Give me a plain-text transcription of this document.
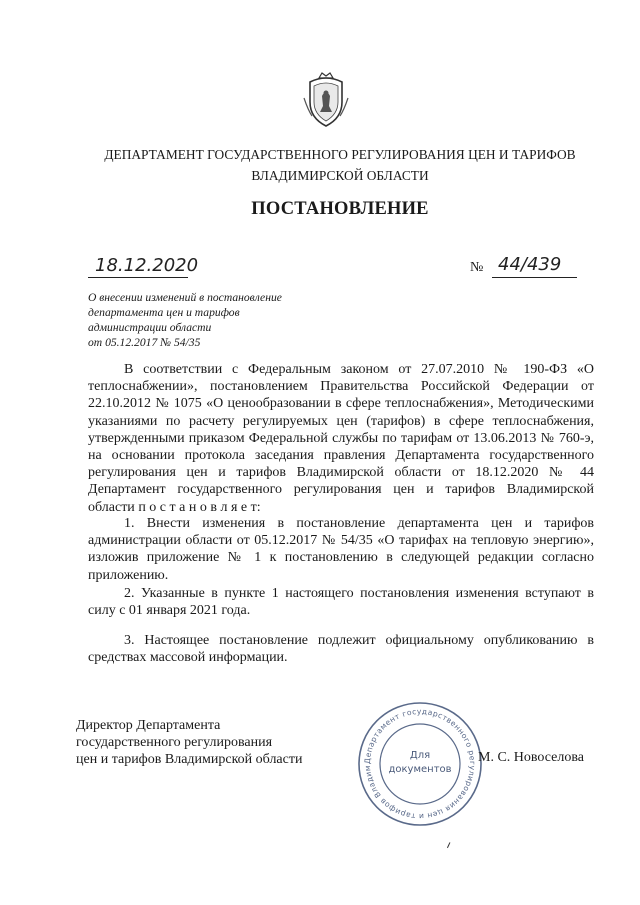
ДЕПАРТАМЕНТ ГОСУДАРСТВЕННОГО РЕГУЛИРОВАНИЯ ЦЕН И ТАРИФОВ
ВЛАДИМИРСКОЙ ОБЛАСТИ
ПОСТАНОВЛЕНИЕ
18.12.2020	№ 44/439
О внесении изменений в постановление
департамента цен и тарифов
администрации области
от 05.12.2017 № 54/35

В соответствии с Федеральным законом от 27.07.2010 № 190-ФЗ «О теплоснабжении», постановлением Правительства Российской Федерации от 22.10.2012 № 1075 «О ценообразовании в сфере теплоснабжения», Методическими указаниями по расчету регулируемых цен (тарифов) в сфере теплоснабжения, утвержденными приказом Федеральной службы по тарифам от 13.06.2013 № 760-э, на основании протокола заседания правления Департамента государственного регулирования цен и тарифов Владимирской области от 18.12.2020 № 44 Департамент государственного регулирования цен и тарифов Владимирской области п о с т а н о в л я е т:

1. Внести изменения в постановление департамента цен и тарифов администрации области от 05.12.2017 № 54/35 «О тарифах на тепловую энергию», изложив приложение № 1 к постановлению в следующей редакции согласно приложению.

2. Указанные в пункте 1 настоящего постановления изменения вступают в силу с 01 января 2021 года.

3. Настоящее постановление подлежит официальному опубликованию в средствах массовой информации.

Директор Департамента
государственного регулирования
цен и тарифов Владимирской области	Департамент государственного регулирования цен и тарифов Владим
Для
документов
М. С. Новоселова
